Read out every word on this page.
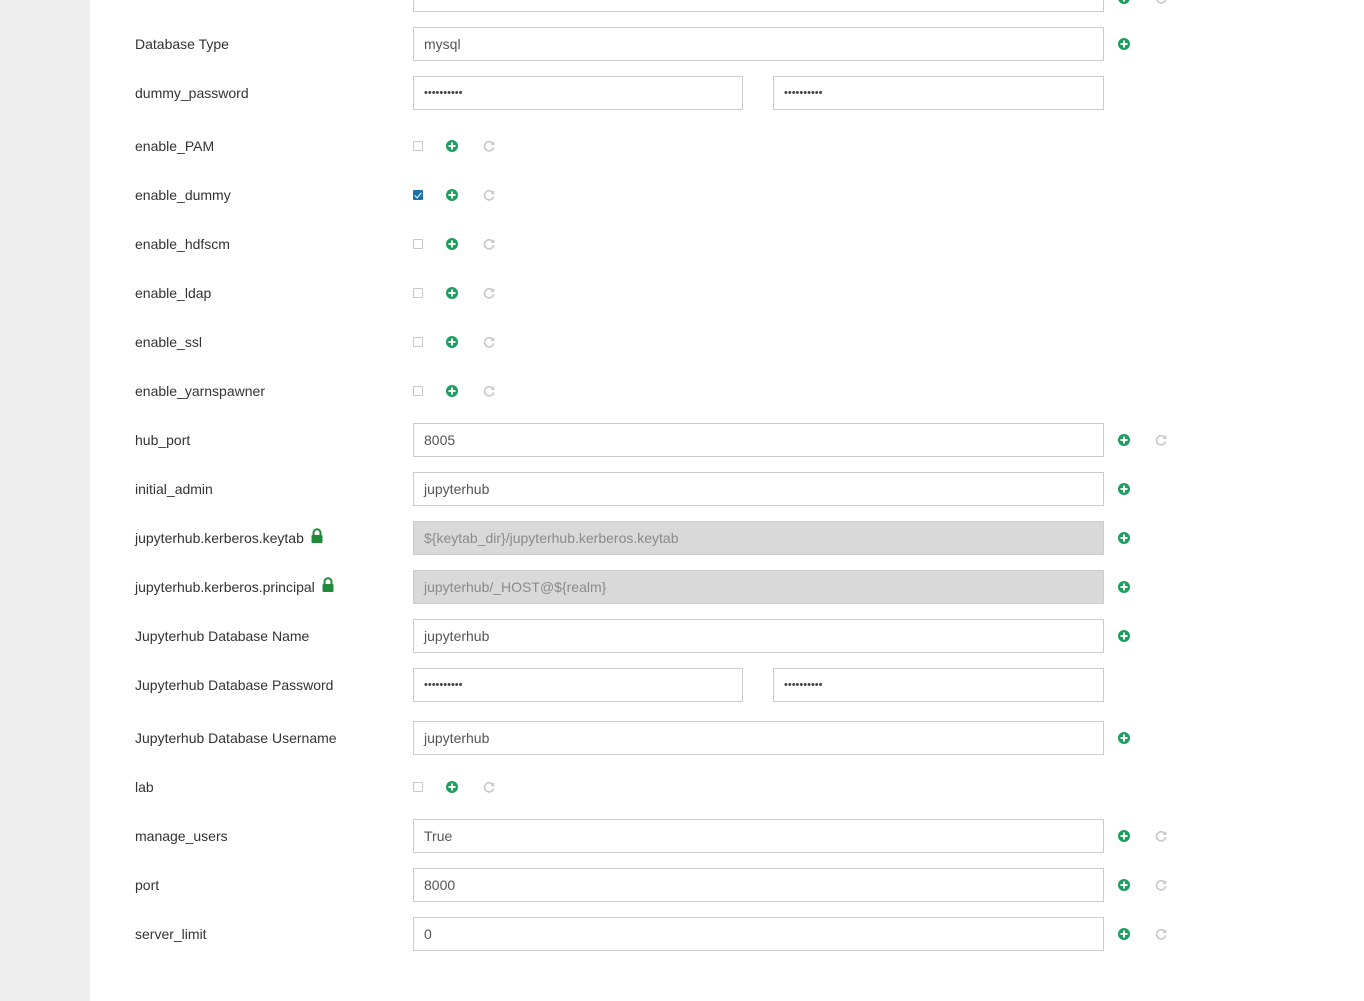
Database Type	mysql
dummy_password	••••••••••	••••••••••
enable_PAM
enable_dummy
enable_hdfscm
enable_ldap
enable_ssl
enable_yarnspawner
hub_port	8005
initial_admin	jupyterhub
jupyterhub.kerberos.keytab	${keytab_dir}/jupyterhub.kerberos.keytab
jupyterhub.kerberos.principal	jupyterhub/_HOST@${realm}
Jupyterhub Database Name	jupyterhub
Jupyterhub Database Password	••••••••••	••••••••••
Jupyterhub Database Username	jupyterhub
lab
manage_users	True
port	8000
server_limit	0
